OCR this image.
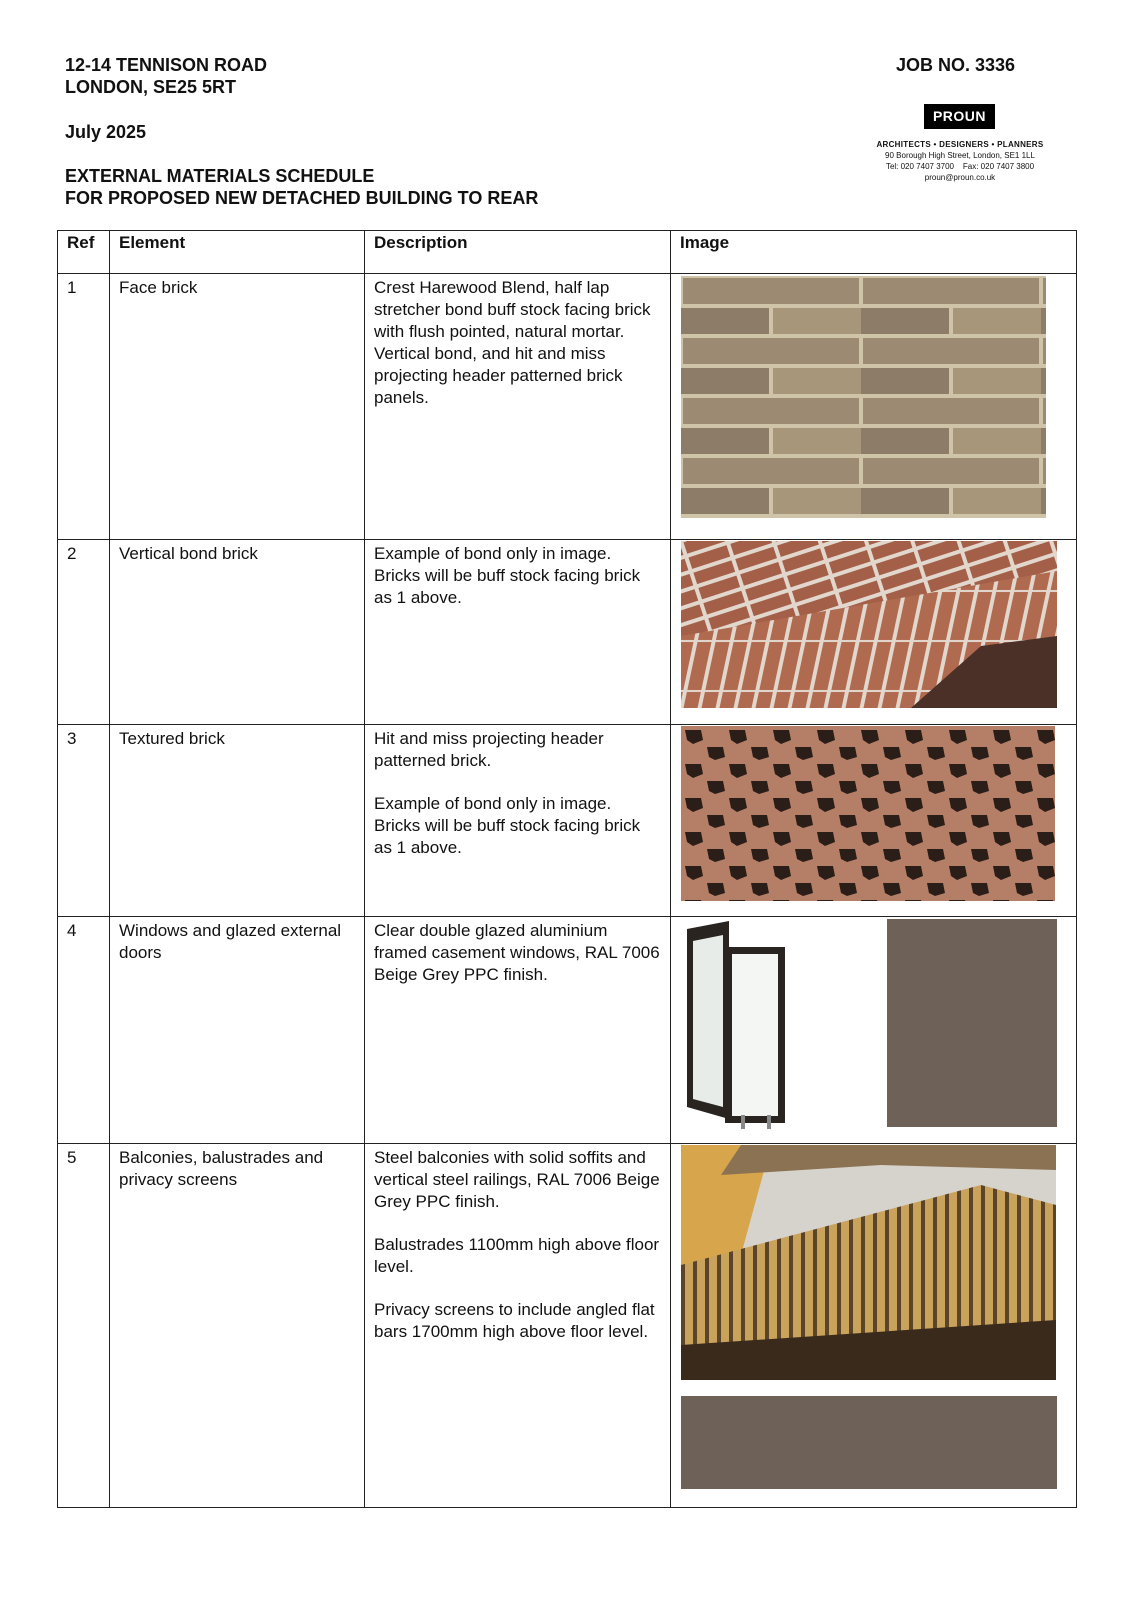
12-14 TENNISON ROAD
LONDON, SE25 5RT
July 2025
EXTERNAL MATERIALS SCHEDULE
FOR PROPOSED NEW DETACHED BUILDING TO REAR
JOB NO. 3336
PROUN
ARCHITECTS • DESIGNERS • PLANNERS
90 Borough High Street, London, SE1 1LL
Tel: 020 7407 3700 Fax: 020 7407 3800
proun@proun.co.uk
Ref	Element	Description	Image
1	Face brick	Crest Harewood Blend, half lap stretcher bond buff stock facing brick with flush pointed, natural mortar. Vertical bond, and hit and miss projecting header patterned brick panels.

2	Vertical bond brick	Example of bond only in image. Bricks will be buff stock facing brick as 1 above.

3	Textured brick	Hit and miss projecting header patterned brick.

Example of bond only in image. Bricks will be buff stock facing brick as 1 above.

4	Windows and glazed external doors	Clear double glazed aluminium framed casement windows, RAL 7006 Beige Grey PPC finish.

5	Balconies, balustrades and privacy screens	Steel balconies with solid soffits and vertical steel railings, RAL 7006 Beige Grey PPC finish.

Balustrades 1100mm high above floor level.

Privacy screens to include angled flat bars 1700mm high above floor level.
